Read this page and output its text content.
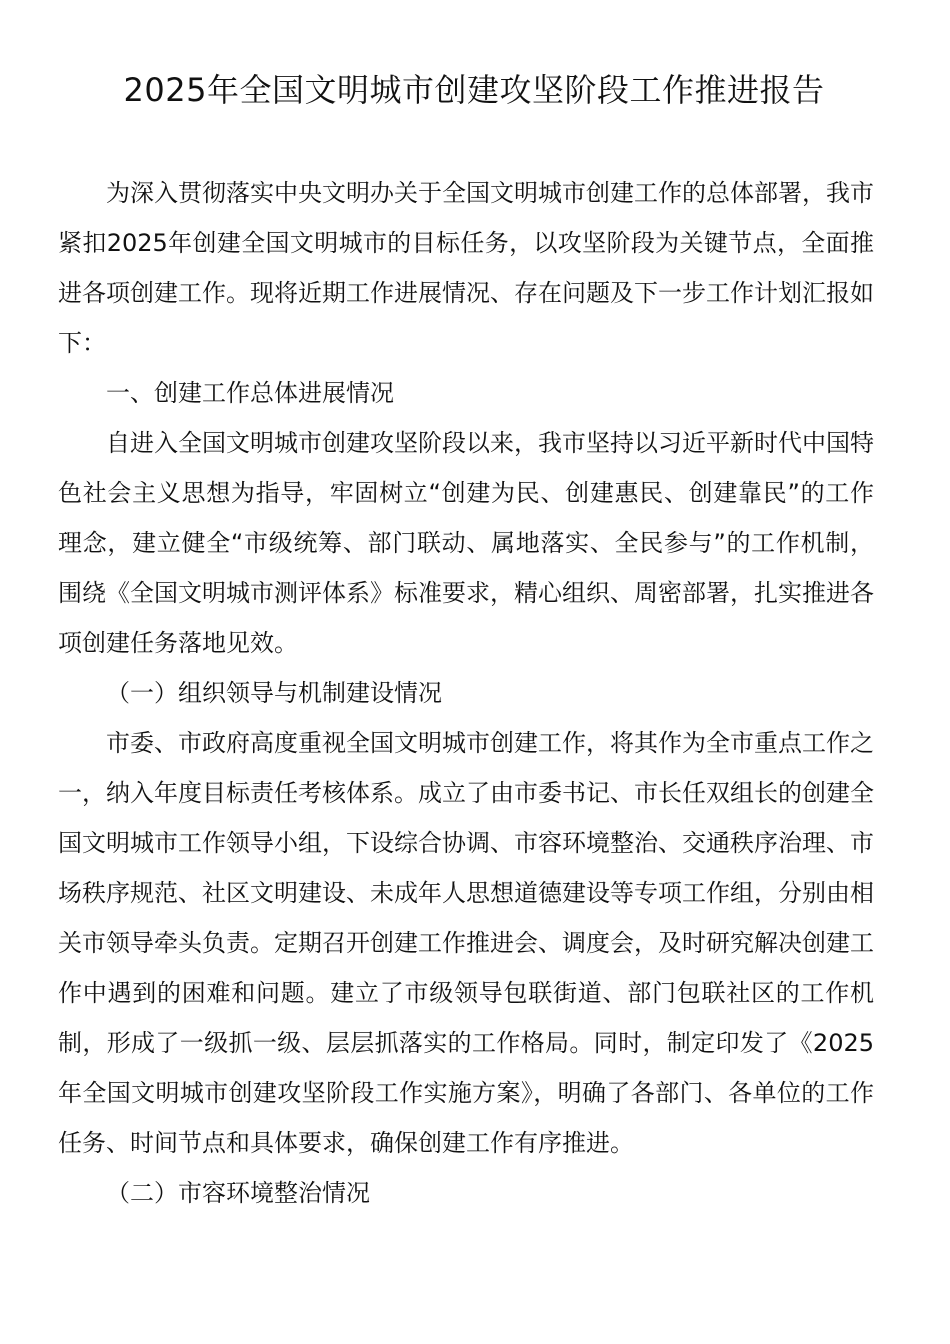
2025年全国文明城市创建攻坚阶段工作推进报告

为深入贯彻落实中央文明办关于全国文明城市创建工作的总体部署，我市紧扣2025年创建全国文明城市的目标任务，以攻坚阶段为关键节点，全面推进各项创建工作。现将近期工作进展情况、存在问题及下一步工作计划汇报如下：

一、创建工作总体进展情况

自进入全国文明城市创建攻坚阶段以来，我市坚持以习近平新时代中国特色社会主义思想为指导，牢固树立“创建为民、创建惠民、创建靠民”的工作理念，建立健全“市级统筹、部门联动、属地落实、全民参与”的工作机制，围绕《全国文明城市测评体系》标准要求，精心组织、周密部署，扎实推进各项创建任务落地见效。

（一）组织领导与机制建设情况

市委、市政府高度重视全国文明城市创建工作，将其作为全市重点工作之一，纳入年度目标责任考核体系。成立了由市委书记、市长任双组长的创建全国文明城市工作领导小组，下设综合协调、市容环境整治、交通秩序治理、市场秩序规范、社区文明建设、未成年人思想道德建设等专项工作组，分别由相关市领导牵头负责。定期召开创建工作推进会、调度会，及时研究解决创建工作中遇到的困难和问题。建立了市级领导包联街道、部门包联社区的工作机制，形成了一级抓一级、层层抓落实的工作格局。同时，制定印发了《2025年全国文明城市创建攻坚阶段工作实施方案》，明确了各部门、各单位的工作任务、时间节点和具体要求，确保创建工作有序推进。

（二）市容环境整治情况
